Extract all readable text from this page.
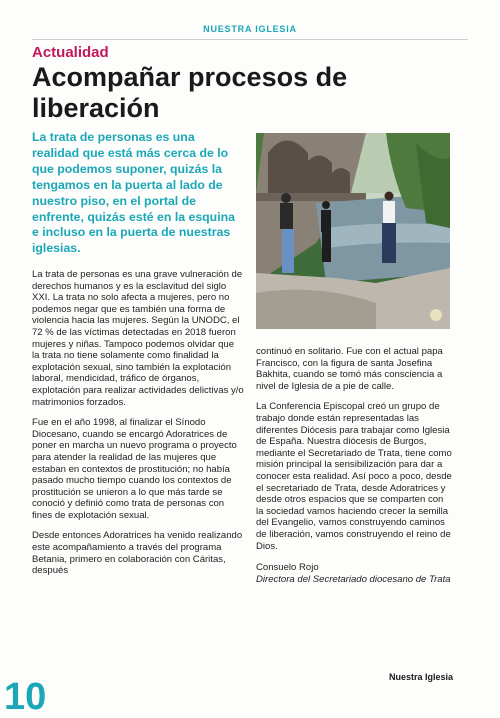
NUESTRA IGLESIA
Actualidad
Acompañar procesos de liberación

La trata de personas es una realidad que está más cerca de lo que podemos suponer, quizás la tengamos en la puerta al lado de nuestro piso, en el portal de enfrente, quizás esté en la esquina e incluso en la puerta de nuestras iglesias.

La trata de personas es una grave vulneración de derechos humanos y es la esclavitud del siglo XXI. La trata no solo afecta a mujeres, pero no podemos negar que es también una forma de violencia hacia las mujeres. Según la UNODC, el 72 % de las víctimas detectadas en 2018 fueron mujeres y niñas. Tampoco podemos olvidar que la trata no tiene solamente como finalidad la explotación sexual, sino también la explotación laboral, mendicidad, tráfico de órganos, explotación para realizar actividades delictivas y/o matrimonios forzados.

Fue en el año 1998, al finalizar el Sínodo Diocesano, cuando se encargó Adoratrices de poner en marcha un nuevo programa o proyecto para atender la realidad de las mujeres que estaban en contextos de prostitución; no había pasado mucho tiempo cuando los contextos de prostitución se unieron a lo que más tarde se conoció y definió como trata de personas con fines de explotación sexual.

Desde entonces Adoratrices ha venido realizando este acompañamiento a través del programa Betania, primero en colaboración con Cáritas, después

continuó en solitario. Fue con el actual papa Francisco, con la figura de santa Josefina Bakhita, cuando se tomó más consciencia a nivel de Iglesia de a pie de calle.

La Conferencia Episcopal creó un grupo de trabajo donde están representadas las diferentes Diócesis para trabajar como Iglesia de España. Nuestra diócesis de Burgos, mediante el Secretariado de Trata, tiene como misión principal la sensibilización para dar a conocer esta realidad. Así poco a poco, desde el secretariado de Trata, desde Adoratrices y desde otros espacios que se comparten con la sociedad vamos haciendo crecer la semilla del Evangelio, vamos construyendo caminos de liberación, vamos construyendo el reino de Dios.

Consuelo Rojo
Directora del Secretariado diocesano de Trata

10	Nuestra Iglesia
